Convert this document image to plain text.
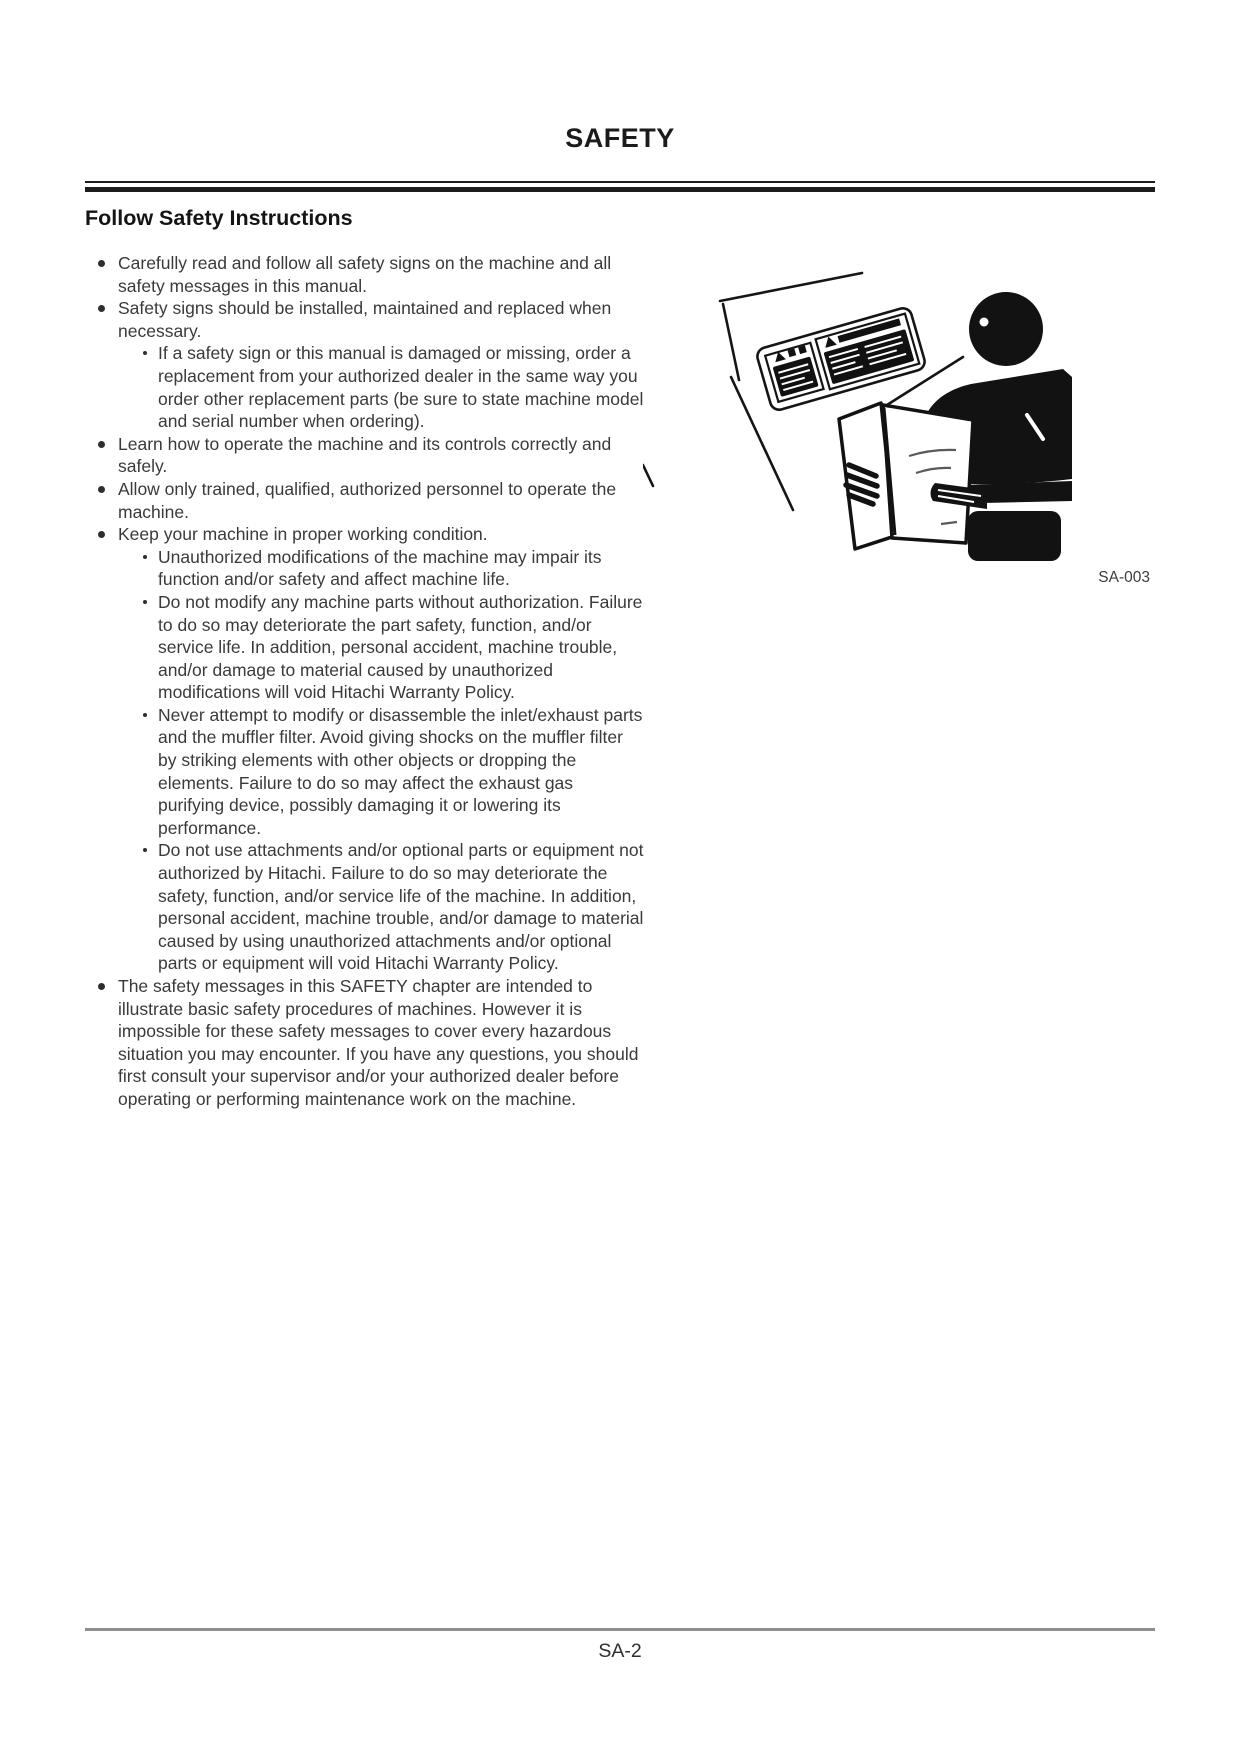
SAFETY
Follow Safety Instructions
Carefully read and follow all safety signs on the machine and all safety messages in this manual.
Safety signs should be installed, maintained and replaced when necessary.
If a safety sign or this manual is damaged or missing, order a replacement from your authorized dealer in the same way you order other replacement parts (be sure to state machine model and serial number when ordering).
Learn how to operate the machine and its controls correctly and safely.
Allow only trained, qualified, authorized personnel to operate the machine.
Keep your machine in proper working condition.
Unauthorized modifications of the machine may impair its function and/or safety and affect machine life.
Do not modify any machine parts without authorization. Failure to do so may deteriorate the part safety, function, and/or service life. In addition, personal accident, machine trouble, and/or damage to material caused by unauthorized modifications will void Hitachi Warranty Policy.
Never attempt to modify or disassemble the inlet/exhaust parts and the muffler filter. Avoid giving shocks on the muffler filter by striking elements with other objects or dropping the elements. Failure to do so may affect the exhaust gas purifying device, possibly damaging it or lowering its performance.
Do not use attachments and/or optional parts or equipment not authorized by Hitachi. Failure to do so may deteriorate the safety, function, and/or service life of the machine. In addition, personal accident, machine trouble, and/or damage to material caused by using unauthorized attachments and/or optional parts or equipment will void Hitachi Warranty Policy.
The safety messages in this SAFETY chapter are intended to illustrate basic safety procedures of machines. However it is impossible for these safety messages to cover every hazardous situation you may encounter. If you have any questions, you should first consult your supervisor and/or your authorized dealer before operating or performing maintenance work on the machine.
SA-003
SA-2
